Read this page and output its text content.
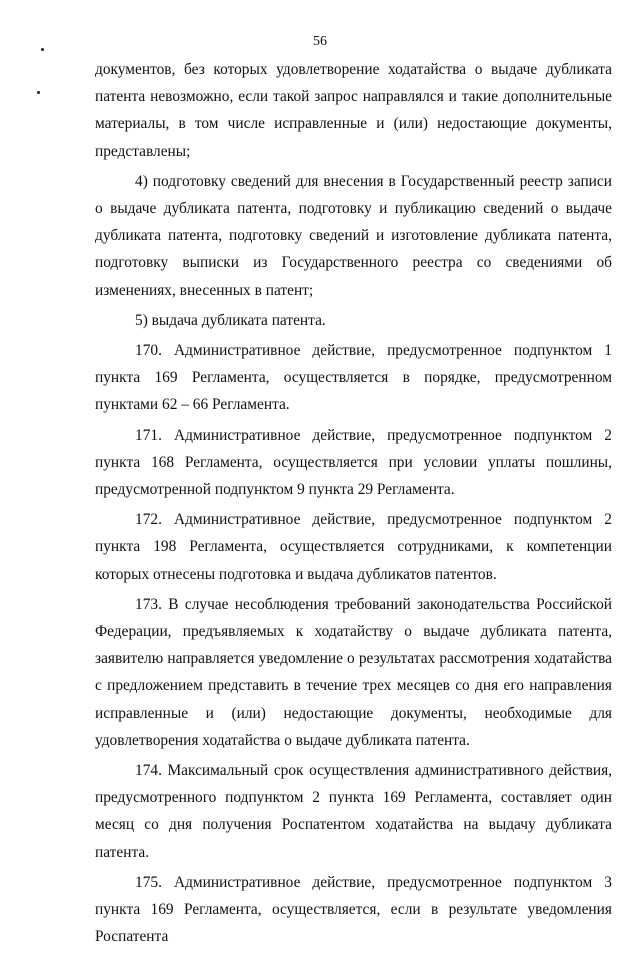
56

документов, без которых удовлетворение ходатайства о выдаче дубликата патента невозможно, если такой запрос направлялся и такие дополнительные материалы, в том числе исправленные и (или) недостающие документы, представлены;

4) подготовку сведений для внесения в Государственный реестр записи о выдаче дубликата патента, подготовку и публикацию сведений о выдаче дубликата патента, подготовку сведений и изготовление дубликата патента, подготовку выписки из Государственного реестра со сведениями об изменениях, внесенных в патент;

5) выдача дубликата патента.

170. Административное действие, предусмотренное подпунктом 1 пункта 169 Регламента, осуществляется в порядке, предусмотренном пунктами 62 – 66 Регламента.

171. Административное действие, предусмотренное подпунктом 2 пункта 168 Регламента, осуществляется при условии уплаты пошлины, предусмотренной подпунктом 9 пункта 29 Регламента.

172. Административное действие, предусмотренное подпунктом 2 пункта 198 Регламента, осуществляется сотрудниками, к компетенции которых отнесены подготовка и выдача дубликатов патентов.

173. В случае несоблюдения требований законодательства Российской Федерации, предъявляемых к ходатайству о выдаче дубликата патента, заявителю направляется уведомление о результатах рассмотрения ходатайства с предложением представить в течение трех месяцев со дня его направления исправленные и (или) недостающие документы, необходимые для удовлетворения ходатайства о выдаче дубликата патента.

174. Максимальный срок осуществления административного действия, предусмотренного подпунктом 2 пункта 169 Регламента, составляет один месяц со дня получения Роспатентом ходатайства на выдачу дубликата патента.

175. Административное действие, предусмотренное подпунктом 3 пункта 169 Регламента, осуществляется, если в результате уведомления Роспатента
